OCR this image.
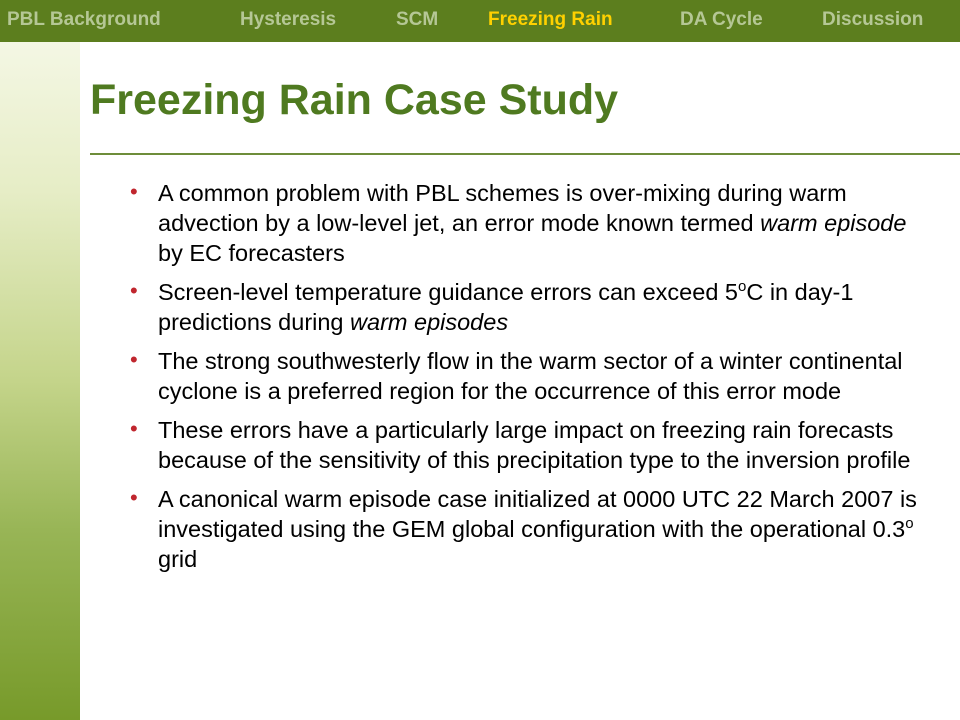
PBL Background	Hysteresis	SCM	Freezing Rain	DA Cycle	Discussion
Freezing Rain Case Study
• A common problem with PBL schemes is over-mixing during warm advection by a low-level jet, an error mode known termed warm episode by EC forecasters
• Screen-level temperature guidance errors can exceed 5$^o$C in day-1 predictions during warm episodes
• The strong southwesterly flow in the warm sector of a winter continental cyclone is a preferred region for the occurrence of this error mode
• These errors have a particularly large impact on freezing rain forecasts because of the sensitivity of this precipitation type to the inversion profile
• A canonical warm episode case initialized at 0000 UTC 22 March 2007 is investigated using the GEM global configuration with the operational 0.3$^o$ grid
